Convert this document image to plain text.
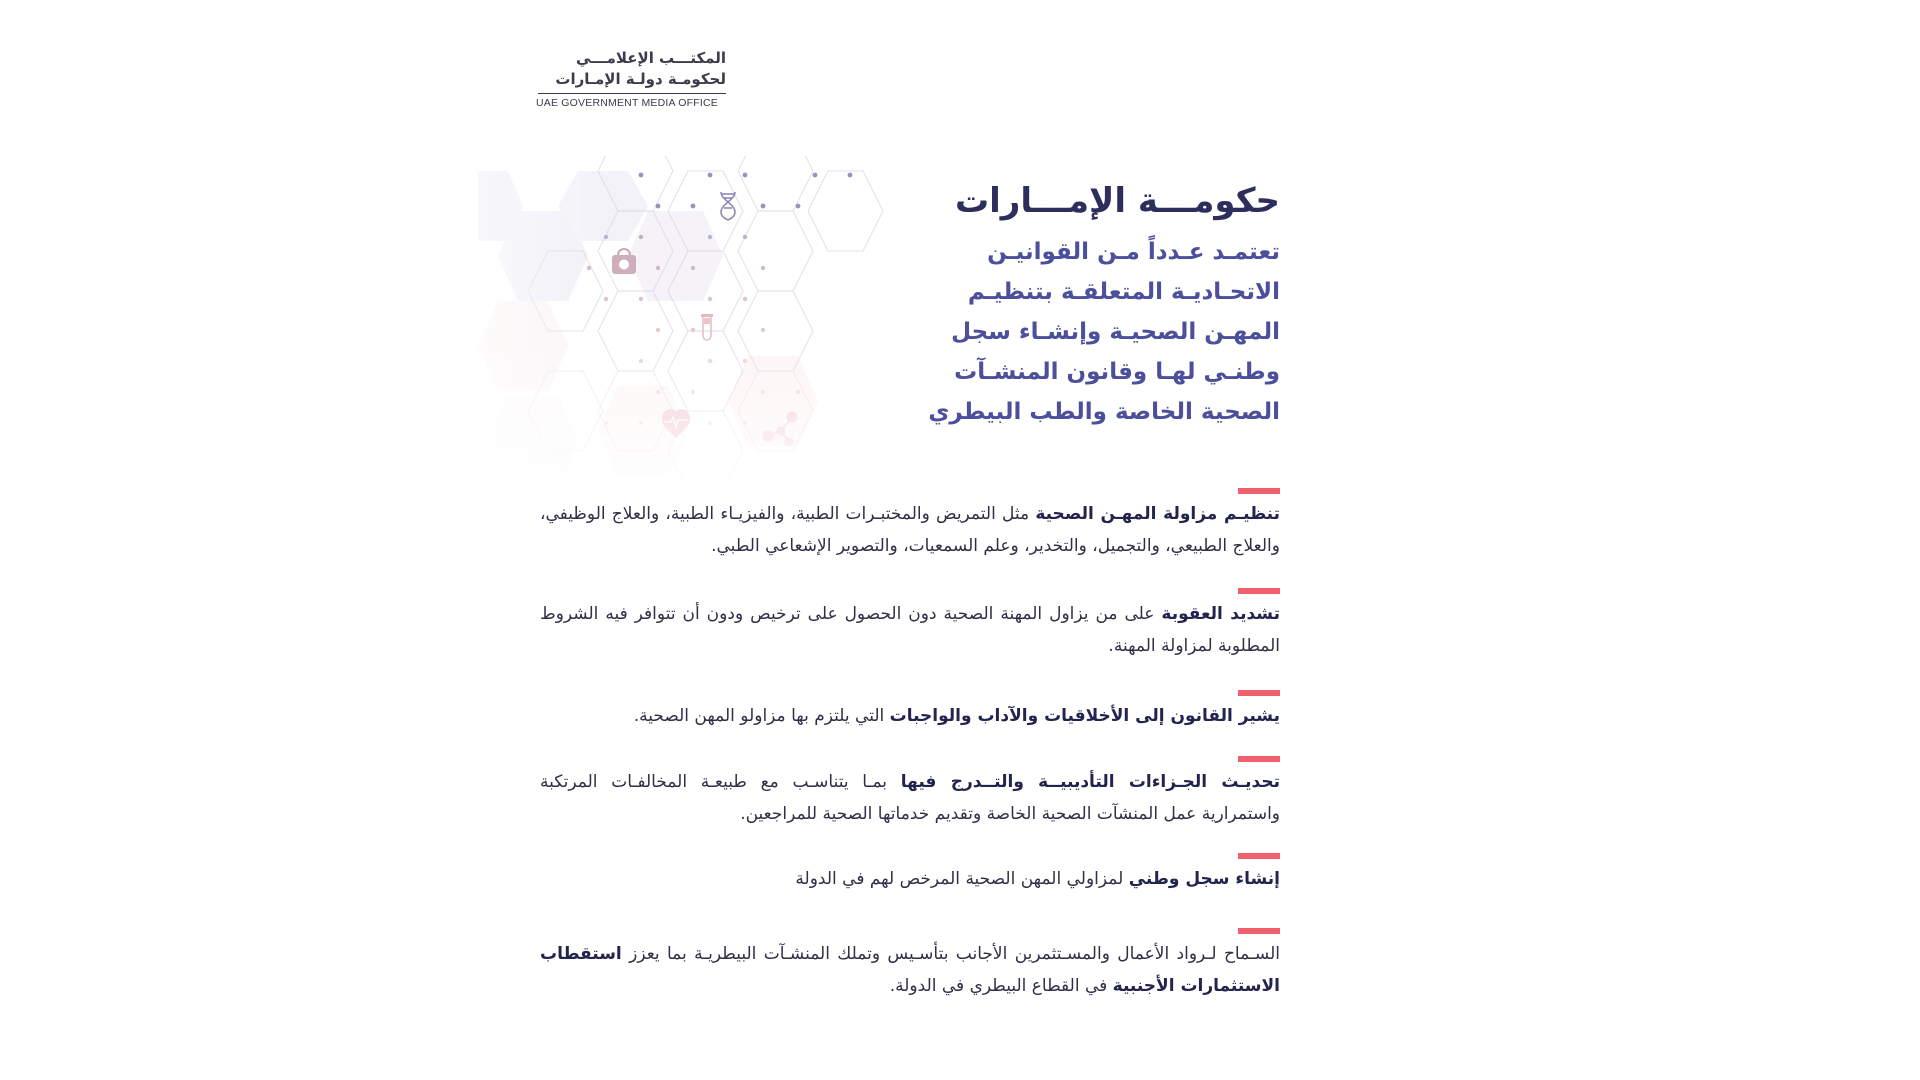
المكتـــب الإعلامـــي
لحكومـة دولـة الإمـارات
UAE GOVERNMENT MEDIA OFFICE
حكومـــة الإمـــارات
تعتمـد عـدداً مـن القوانيـن
الاتحـاديـة المتعلقـة بتنظيـم
المهـن الصحيـة وإنشـاء سجل
وطنـي لهـا وقانون المنشـآت
الصحية الخاصة والطب البيطري
تنظيـم مزاولة المهـن الصحية مثل التمريض والمختبـرات الطبية، والفيزيـاء الطبية، والعلاج الوظيفي، والعلاج الطبيعي، والتجميل، والتخدير، وعلم السمعيات، والتصوير الإشعاعي الطبي.
تشديد العقوبة على من يزاول المهنة الصحية دون الحصول على ترخيص ودون أن تتوافر فيه الشروط المطلوبة لمزاولة المهنة.
يشير القانون إلى الأخلاقيات والآداب والواجبات التي يلتزم بها مزاولو المهن الصحية.
تحديـث الجـزاءات التأديبيــة والتــدرج فيها بمـا يتناسـب مع طبيعـة المخالفـات المرتكبة واستمرارية عمل المنشآت الصحية الخاصة وتقديم خدماتها الصحية للمراجعين.
إنشاء سجل وطني لمزاولي المهن الصحية المرخص لهم في الدولة
السـماح لـرواد الأعمال والمسـتثمرين الأجانب بتأسـيس وتملك المنشـآت البيطريـة بما يعزز استقطاب الاستثمارات الأجنبية في القطاع البيطري في الدولة.
